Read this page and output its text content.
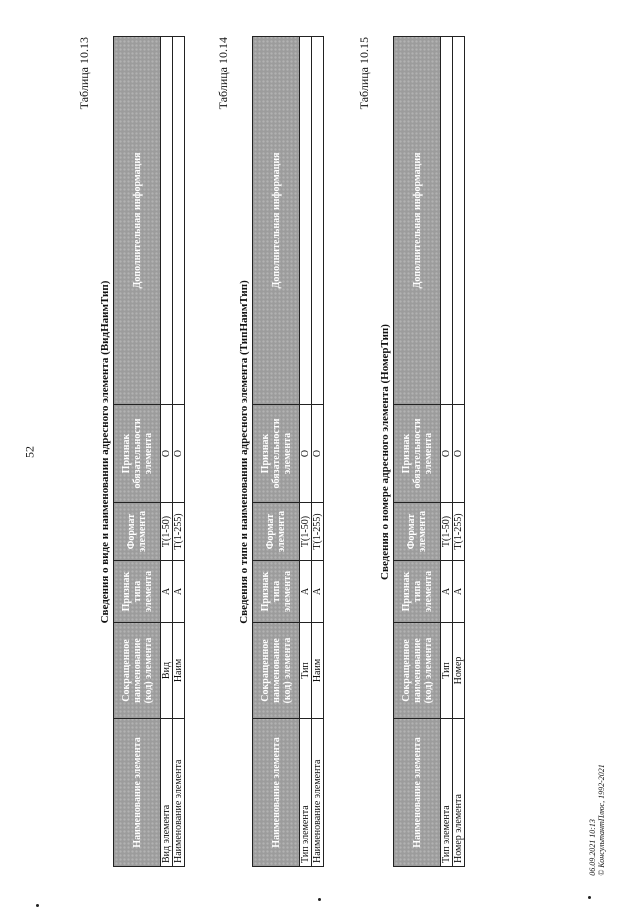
52
Таблица 10.13
Сведения о виде и наименовании адресного элемента (ВидНаимТип)
Наименование элемента	Сокращенное наименование (код) элемента	Признак типа элемента	Формат элемента	Признак обязательности элемента	Дополнительная информация
Вид элемента	Вид	А	T(1-50)	О	
Наименование элемента	Наим	А	T(1-255)	О	
Таблица 10.14
Сведения о типе и наименовании адресного элемента (ТипНаимТип)
Наименование элемента	Сокращенное наименование (код) элемента	Признак типа элемента	Формат элемента	Признак обязательности элемента	Дополнительная информация
Тип элемента	Тип	А	T(1-50)	О	
Наименование элемента	Наим	А	T(1-255)	О	
Таблица 10.15
Сведения о номере адресного элемента (НомерТип)
Наименование элемента	Сокращенное наименование (код) элемента	Признак типа элемента	Формат элемента	Признак обязательности элемента	Дополнительная информация
Тип элемента	Тип	А	T(1-50)	О	
Номер элемента	Номер	А	T(1-255)	О	
06.09.2021 10:13 © КонсультантПлюс, 1992-2021
